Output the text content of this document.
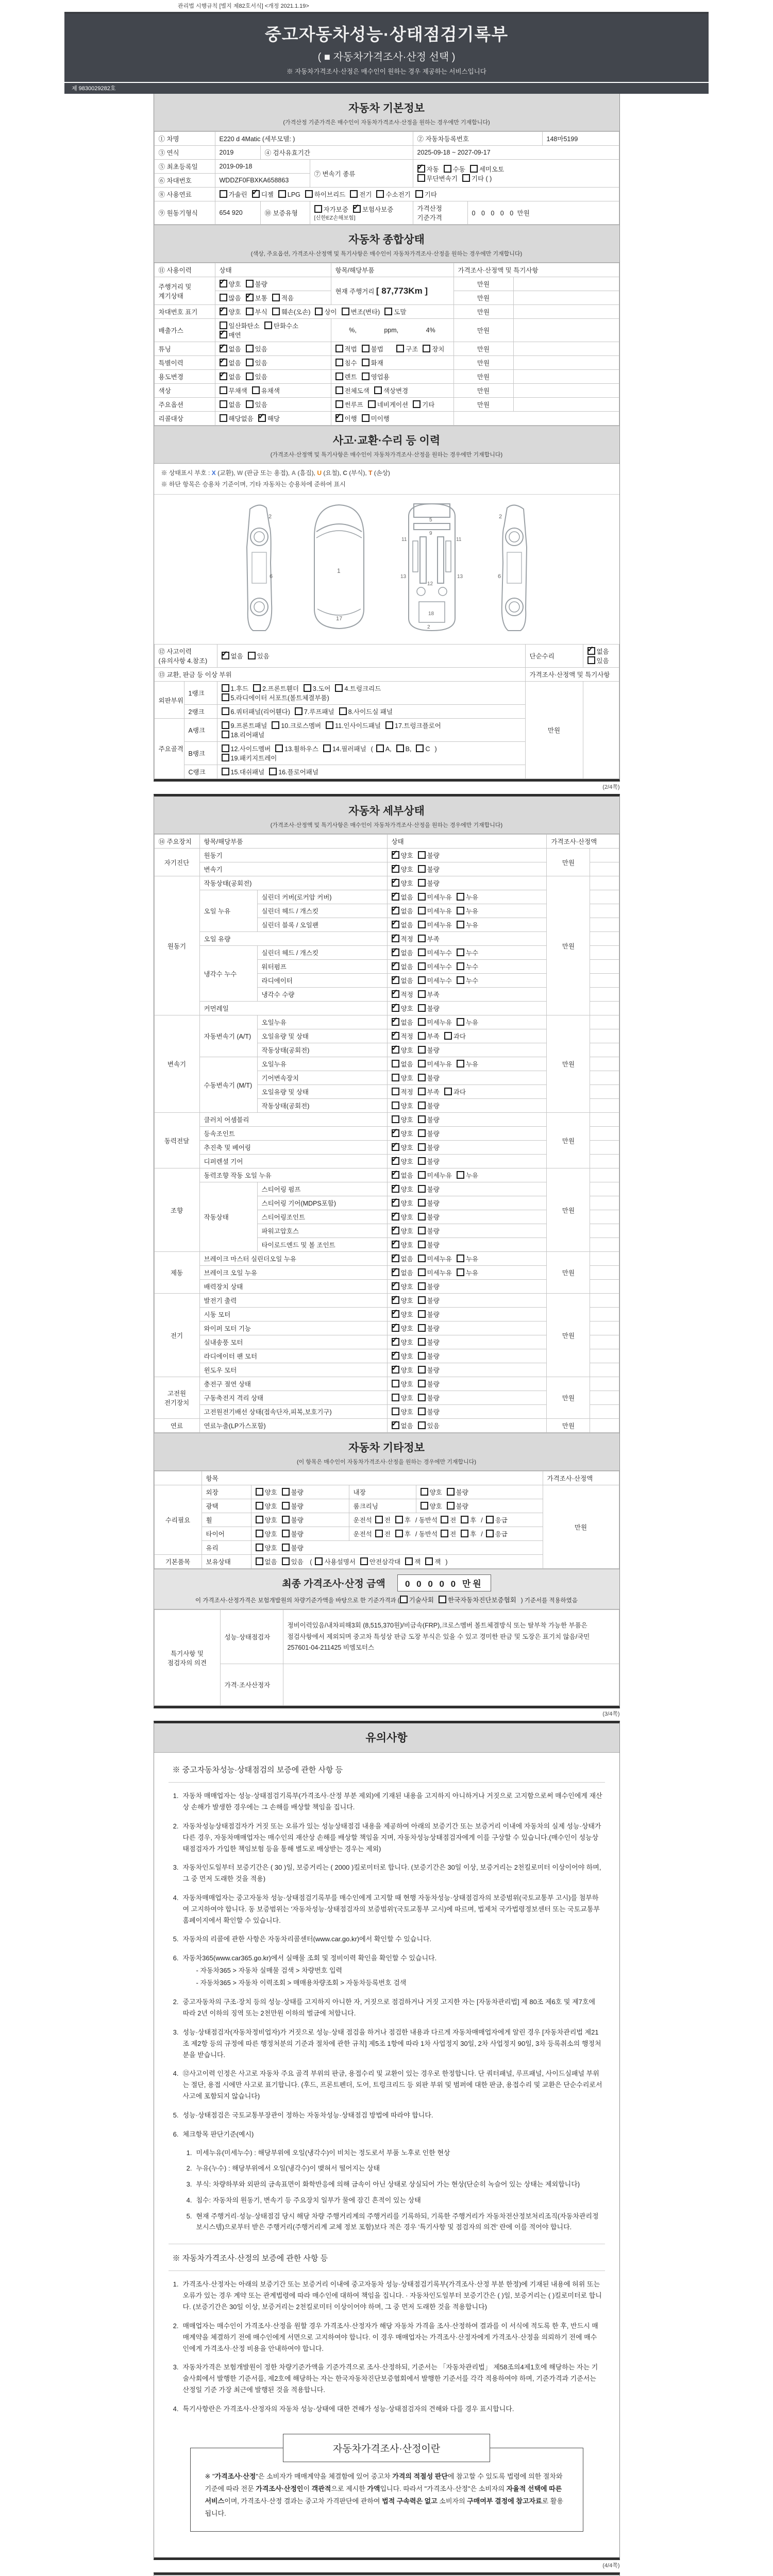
관리법 시행규칙 [별지 제82호서식] <개정 2021.1.19>
중고자동차성능·상태점검기록부
( ■ 자동차가격조사·산정 선택 )
※ 자동차가격조사·산정은 매수인이 원하는 경우 제공하는 서비스입니다
제 9830029282호
자동차 기본정보
(가격산정 기준가격은 매수인이 자동차가격조사·산정을 원하는 경우에만 기재합니다)
① 차명	E220 d 4Matic (세부모델: )			② 자동차등록번호		148마5199
③ 연식	2019	④ 검사유효기간		2025-09-18 ~ 2027-09-17		
⑤ 최초등록일	2019-09-18		⑦ 변속기 종류	✓자동 수동 세미오토
무단변속기 기타 ( )
⑥ 차대번호	WDDZF0FBXKA658863					
⑧ 사용연료	가솔린 ✓ 디젤 LPG 하이브리드 전기 수소전기 기타
⑨ 원동기형식	654 920	⑩ 보증유형	자가보증 ✓ 보험사보증[신한EZ손해보험]	가격산정 기준가격	0 0 0 0 0 만원	
자동차 종합상태
(색상, 주요옵션, 가격조사·산정액 및 특기사항은 매수인이 자동차가격조사·산정을 원하는 경우에만 기재합니다)
⑪ 사용이력	상태	항목/해당부품	가격조사·산정액 및 특기사항	
주행거리 및 계기상태	✓양호 불량	현재 주행거리 [ 87,773Km ]	만원	
	많음 ✓ 보통 적음		만원	
차대번호 표기	✓양호 부식 훼손(오손) 상이 변조(변타) 도말		만원	
배출가스	일산화탄소 탄화수소✓매연	%, ppm, 4%	만원	
튜닝	✓없음 있음	적법 불법 구조 장치	만원	
특별이력	✓없음 있음	침수 화재	만원	
용도변경	✓없음 있음	렌트 영업용	만원	
색상	무채색 유채색	전체도색 색상변경	만원	
주요옵션	없음 있음	썬루프 네비게이션 기타	만원	
리콜대상	해당없음 ✓ 해당	✓이행 미이행	
사고·교환·수리 등 이력
(가격조사·산정액 및 특기사항은 매수인이 자동차가격조사·산정을 원하는 경우에만 기재합니다)
※ 상태표시 부호 : X (교환), W (판금 또는 용접), A (흠집), U (요철), C (부식), T (손상)
※ 하단 항목은 승용차 기준이며, 기타 자동차는 승용차에 준하여 표시
2
6
1
17
11	11
5
9
13	13
12
18
2
2
6
⑫ 사고이력 (유의사항 4.참조)	✓없음 있음	단순수리	✓없음있음
⑬ 교환, 판금 등 이상 부위			가격조사·산정액 및 특기사항	
외판부위	1랭크	1.후드 2.프론트휀더 3.도어 4.트렁크리드
5.라디에이터 서포트(볼트체결부품)	만원	
	2랭크	6.쿼터패널(리어휀다) 7.루프패널 8.사이드실 패널		
주요골격	A랭크	9.프론트패널 10.크로스멤버 11.인사이드패널 17.트렁크플로어
18.리어패널		
	B랭크	12.사이드멤버 13.휠하우스 14.필러패널 ( A, B, C )
19.패키지트레이		
	C랭크	15.대쉬패널 16.플로어패널		
(2/4쪽)
자동차 세부상태
(가격조사·산정액 및 특기사항은 매수인이 자동차가격조사·산정을 원하는 경우에만 기재합니다)
⑭ 주요장치	항목/해당부품		상태	가격조사·산정액	
자기진단	원동기	✓양호 불량	만원	
	변속기	✓양호 불량	
원동기	작동상태(공회전)	✓양호 불량	만원	
	오일 누유	실린더 커버(로커암 커버)	✓없음 미세누유 누유	
		실린더 헤드 / 개스킷	✓없음 미세누유 누유	
		실린더 블록 / 오일팬	✓없음 미세누유 누유	
	오일 유량	✓적정 부족	
	냉각수 누수	실린더 헤드 / 개스킷	✓없음 미세누수 누수	
		워터펌프	✓없음 미세누수 누수	
		라디에이터	✓없음 미세누수 누수	
		냉각수 수량	✓적정 부족	
	커먼레일	✓양호 불량	
변속기	자동변속기 (A/T)	오일누유	✓없음 미세누유 누유	만원	
		오일유량 및 상태	✓적정 부족 과다	
		작동상태(공회전)	✓양호 불량	
	수동변속기 (M/T)	오일누유	없음 미세누유 누유		
		기어변속장치	양호 불량		
		오일유량 및 상태	적정 부족 과다		
		작동상태(공회전)	양호 불량		
동력전달	클러치 어셈블리		양호 불량	만원	
	등속조인트	✓양호 불량	
	추진축 및 베어링	✓양호 불량	
	디퍼렌셜 기어	✓양호 불량	
조향	동력조향 작동 오일 누유	✓없음 미세누유 누유	만원	
	작동상태	스티어링 펌프	✓양호 불량	
		스티어링 기어(MDPS포함)	✓양호 불량	
		스티어링조인트	✓양호 불량	
		파워고압호스	✓양호 불량	
		타이로드엔드 및 볼 조인트	✓양호 불량	
제동	브레이크 마스터 실린더오일 누유	✓없음 미세누유 누유	만원	
	브레이크 오일 누유	✓없음 미세누유 누유	
	배력장치 상태	✓양호 불량	
전기	발전기 출력	✓양호 불량	만원	
	시동 모터	✓양호 불량	
	와이퍼 모터 기능	✓양호 불량	
	실내송풍 모터	✓양호 불량	
	라디에이터 팬 모터	✓양호 불량	
	윈도우 모터	✓양호 불량	
고전원 전기장치	충전구 절연 상태		양호 불량	만원	
	구동축전지 격리 상태		양호 불량		
	고전원전기배선 상태(접속단자,피복,보호기구)		양호 불량		
연료	연료누출(LP가스포함)	✓없음 있음	만원	
자동차 기타정보
(이 항목은 매수인이 자동차가격조사·산정을 원하는 경우에만 기재합니다)
	항목				가격조사·산정액
수리필요	외장	양호 불량	내장	양호 불량	만원
	광택	양호 불량	룸크리닝	양호 불량	
	휠	양호 불량	운전석 전 후 / 동반석 전 후 / 응급		
	타이어	양호 불량	운전석 전 후 / 동반석 전 후 / 응급		
	유리	양호 불량			
기본품목	보유상태	없음 있음 ( 사용설명서 안전삼각대 잭 잭 )			
최종 가격조사·산정 금액 0 0 0 0 0 만원
이 가격조사·산정가격은 보험개발원의 차량기준가액을 바탕으로 한 기준가격과 ( 기술사회 한국자동차진단보증협회 ) 기준서를 적용하였음
특기사항 및 점검자의 의견	성능·상태점검자	정비이력있음/내차피해3회 (8,515,370원)/비금속(FRP),크로스멤버 볼트체결방식 또는 탈부착 가능한 부품은 점검사항에서 제외되며 중고차 특성상 판금 도장 부식은 있을 수 있고 경미한 판금 및 도장은 표기치 않음/국민 257601-04-211425 비엠모터스
	가격·조사산정자	
(3/4쪽)
유의사항
※ 중고자동차성능·상태점검의 보증에 관한 사항 등
1. 자동차 매매업자는 성능·상태점검기록부(가격조사·산정 부분 제외)에 기재된 내용을 고지하지 아니하거나 거짓으로 고지함으로써 매수인에게 재산상 손해가 발생한 경우에는 그 손해를 배상할 책임을 집니다.
2. 자동차성능상태점검자가 거짓 또는 오류가 있는 성능상태점검 내용을 제공하여 아래의 보증기간 또는 보증거리 이내에 자동차의 실제 성능·상태가 다른 경우, 자동차매매업자는 매수인의 재산상 손해를 배상할 책임을 지며, 자동차성능상태점검자에게 이를 구상할 수 있습니다.(매수인이 성능상태점검자가 가입한 책임보험 등을 통해 별도로 배상받는 경우는 제외)
3. 자동차인도일부터 보증기간은 ( 30 )일, 보증거리는 ( 2000 )킬로미터로 합니다. (보증기간은 30일 이상, 보증거리는 2천킬로미터 이상이어야 하며, 그 중 먼저 도래한 것을 적용)
4. 자동차매매업자는 중고자동차 성능·상태점검기록부를 매수인에게 고지할 때 현행 자동차성능·상태점검자의 보증범위(국토교통부 고시)를 첨부하여 고지하여야 합니다. 동 보증범위는 '자동차성능·상태점검자의 보증범위'(국토교통부 고시)에 따르며, 법제처 국가법령정보센터 또는 국토교통부 홈페이지에서 확인할 수 있습니다.
5. 자동차의 리콜에 관한 사항은 자동차리콜센터(www.car.go.kr)에서 확인할 수 있습니다.
6. 자동차365(www.car365.go.kr)에서 실매물 조회 및 정비이력 확인을 확인할 수 있습니다.
- 자동차365 > 자동차 실매물 검색 > 차량번호 입력
- 자동차365 > 자동차 이력조회 > 매매용차량조회 > 자동차등록번호 검색
2. 중고자동차의 구조·장치 등의 성능·상태를 고지하지 아니한 자, 거짓으로 점검하거나 거짓 고지한 자는 [자동차관리법] 제 80조 제6호 및 제7호에 따라 2년 이하의 징역 또는 2천만원 이하의 벌금에 처합니다.
3. 성능·상태점검자(자동차정비업자)가 거짓으로 성능·상태 점검을 하거나 점검한 내용과 다르게 자동차매매업자에게 알린 경우 [자동차관리법 제21조 제2항 등의 규정에 따른 행정처분의 기준과 절차에 관한 규칙] 제5조 1항에 따라 1차 사업정지 30일, 2차 사업정지 90일, 3차 등록취소의 행정처분을 받습니다.
4. ⑫사고이력 인정은 사고로 자동차 주요 골격 부위의 판금, 용접수리 및 교환이 있는 경우로 한정합니다. 단 쿼터패널, 루프패널, 사이드실패널 부위는 절단, 용접 시에만 사고로 표기합니다. (후드, 프론트펜더, 도어, 트렁크리드 등 외판 부위 및 범퍼에 대한 판금, 용접수리 및 교환은 단순수리로서 사고에 포함되지 않습니다)
5. 성능·상태점검은 국토교통부장관이 정하는 자동차성능·상태점검 방법에 따라야 합니다.
6. 체크항목 판단기준(예시)
1. 미세누유(미세누수) : 해당부위에 오일(냉각수)이 비치는 정도로서 부품 노후로 인한 현상
2. 누유(누수) : 해당부위에서 오일(냉각수)이 맺혀서 떨어지는 상태
3. 부식: 차량하부와 외판의 금속표면이 화학반응에 의해 금속이 아닌 상태로 상실되어 가는 현상(단순히 녹슬어 있는 상태는 제외합니다)
4. 침수: 자동차의 원동기, 변속기 등 주요장치 일부가 물에 잠긴 흔적이 있는 상태
5. 현재 주행거리·성능·상태점검 당시 해당 차량 주행거리계의 주행거리를 기록하되, 기록한 주행거리가 자동차전산정보처리조직(자동차관리정보시스템)으로부터 받은 주행거리(주행거리계 교체 정보 포함)보다 적은 경우 '특기사항 및 점검자의 의견' 란에 이를 적어야 합니다.
※ 자동차가격조사·산정의 보증에 관한 사항 등
1. 가격조사·산정자는 아래의 보증기간 또는 보증거리 이내에 중고자동차 성능·상태점검기록부(가격조사·산정 부분 한정)에 기재된 내용에 허위 또는 오류가 있는 경우 계약 또는 관계법령에 따라 매수인에 대하여 책임을 집니다. · 자동차인도일부터 보증기간은 ( )일, 보증거리는 ( )킬로미터로 합니다. (보증기간은 30일 이상, 보증거리는 2천킬로미터 이상이어야 하며, 그 중 먼저 도래한 것을 적용합니다)
2. 매매업자는 매수인이 가격조사·산정을 원할 경우 가격조사·산정자가 해당 자동차 가격을 조사·산정하여 결과를 이 서식에 적도록 한 후, 반드시 매매계약을 체결하기 전에 매수인에게 서면으로 고지하여야 합니다. 이 경우 매매업자는 가격조사·산정자에게 가격조사·산정을 의뢰하기 전에 매수인에게 가격조사·산정 비용을 안내하여야 합니다.
3. 자동차가격은 보험개발원이 정한 차량기준가액을 기준가격으로 조사·산정하되, 기준서는 「자동차관리법」 제58조의4제1호에 해당하는 자는 기술사회에서 발행한 기준서를, 제2호에 해당하는 자는 한국자동차진단보증협회에서 발행한 기준서를 각각 적용하여야 하며, 기준가격과 기준서는 산정일 기준 가장 최근에 발행된 것을 적용합니다.
4. 특기사항란은 가격조사·산정자의 자동차 성능·상태에 대한 견해가 성능·상태점검자의 견해와 다를 경우 표시합니다.
자동차가격조사·산정이란
※ "가격조사·산정"은 소비자가 매매계약을 체결함에 있어 중고차 가격의 적절성 판단에 참고할 수 있도록 법령에 의한 절차와 기준에 따라 전문 가격조사·산정인이 객관적으로 제시한 가액입니다. 따라서 "가격조사·산정"은 소비자의 자율적 선택에 따른 서비스이며, 가격조사·산정 결과는 중고차 가격판단에 관하여 법적 구속력은 없고 소비자의 구매여부 결정에 참고자료로 활용됩니다.
(4/4쪽)
